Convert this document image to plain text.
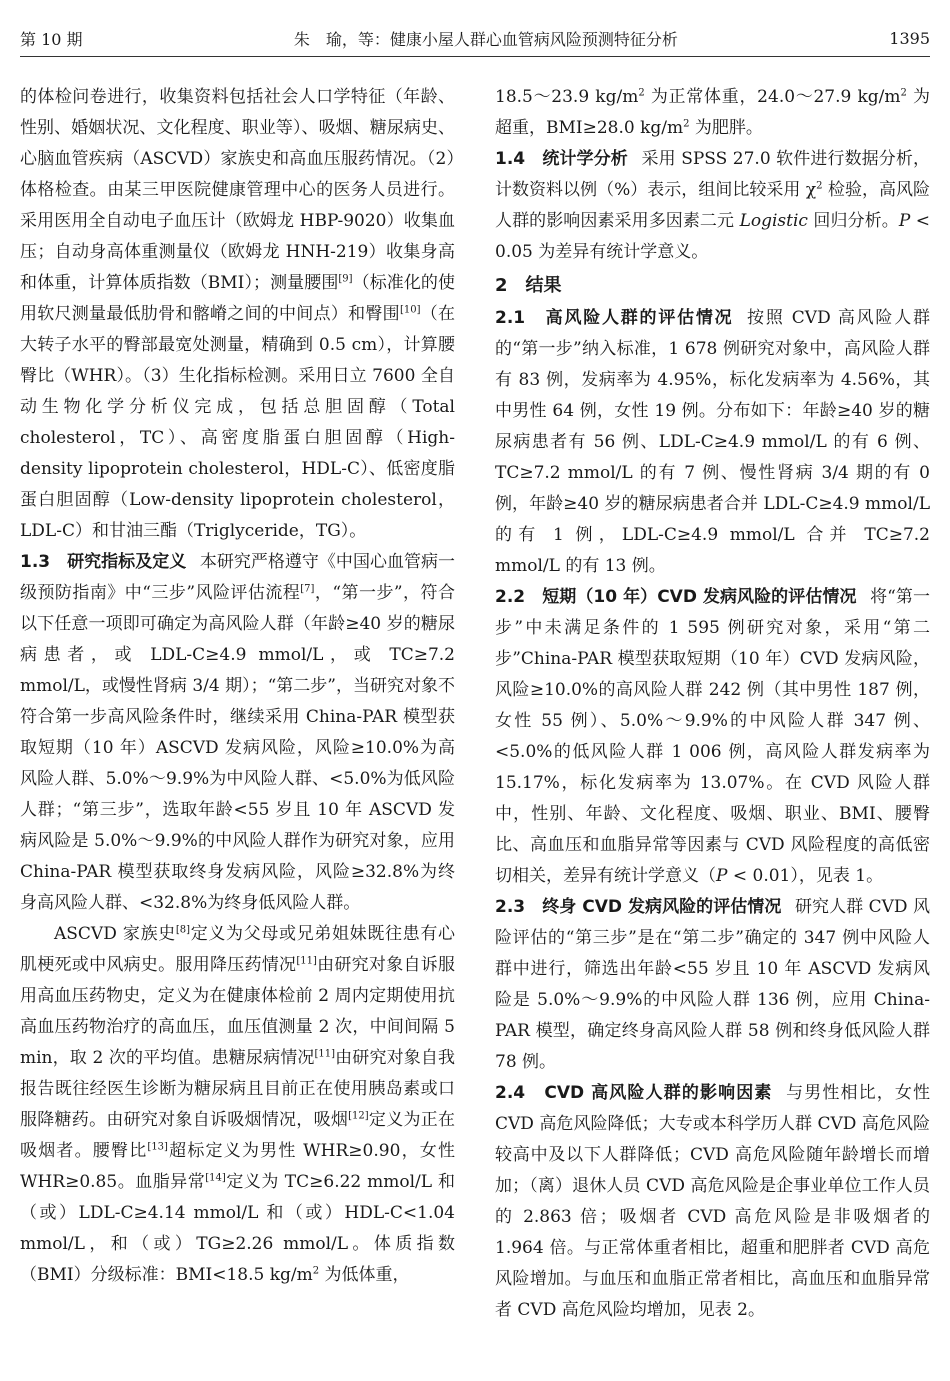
第 10 期	朱　瑜，等：健康小屋人群心血管病风险预测特征分析	1395

的体检问卷进行，收集资料包括社会人口学特征（年龄、性别、婚姻状况、文化程度、职业等）、吸烟、糖尿病史、心脑血管疾病（ASCVD）家族史和高血压服药情况。（2）体格检查。由某三甲医院健康管理中心的医务人员进行。采用医用全自动电子血压计（欧姆龙 HBP-9020）收集血压；自动身高体重测量仪（欧姆龙 HNH-219）收集身高和体重，计算体质指数（BMI）；测量腰围[9]（标准化的使用软尺测量最低肋骨和髂嵴之间的中间点）和臀围[10]（在大转子水平的臀部最宽处测量，精确到 0.5 cm），计算腰臀比（WHR）。（3）生化指标检测。采用日立 7600 全自动生物化学分析仪完成，包括总胆固醇（Total cholesterol，TC）、高密度脂蛋白胆固醇（High-density lipoprotein cholesterol，HDL-C）、低密度脂蛋白胆固醇（Low-density lipoprotein cholesterol，LDL-C）和甘油三酯（Triglyceride，TG）。

1.3　研究指标及定义 本研究严格遵守《中国心血管病一级预防指南》中“三步”风险评估流程[7]，“第一步”，符合以下任意一项即可确定为高风险人群（年龄≥40 岁的糖尿病患者，或 LDL-C≥4.9 mmol/L，或 TC≥7.2 mmol/L，或慢性肾病 3/4 期）；“第二步”，当研究对象不符合第一步高风险条件时，继续采用 China-PAR 模型获取短期（10 年）ASCVD 发病风险，风险≥10.0%为高风险人群、5.0%～9.9%为中风险人群、<5.0%为低风险人群；“第三步”，选取年龄<55 岁且 10 年 ASCVD 发病风险是 5.0%～9.9%的中风险人群作为研究对象，应用 China-PAR 模型获取终身发病风险，风险≥32.8%为终身高风险人群、<32.8%为终身低风险人群。

ASCVD 家族史[8]定义为父母或兄弟姐妹既往患有心肌梗死或中风病史。服用降压药情况[11]由研究对象自诉服用高血压药物史，定义为在健康体检前 2 周内定期使用抗高血压药物治疗的高血压，血压值测量 2 次，中间间隔 5 min，取 2 次的平均值。患糖尿病情况[11]由研究对象自我报告既往经医生诊断为糖尿病且目前正在使用胰岛素或口服降糖药。由研究对象自诉吸烟情况，吸烟[12]定义为正在吸烟者。腰臀比[13]超标定义为男性 WHR≥0.90，女性 WHR≥0.85。血脂异常[14]定义为 TC≥6.22 mmol/L 和（或）LDL-C≥4.14 mmol/L 和（或）HDL-C<1.04 mmol/L，和（或）TG≥2.26 mmol/L。体质指数（BMI）分级标准：BMI<18.5 $kg/m^2$ 为低体重，

18.5～23.9 $kg/m^2$ 为正常体重，24.0～27.9 $kg/m^2$ 为超重，BMI≥28.0 $kg/m^2$ 为肥胖。

1.4　统计学分析 采用 SPSS 27.0 软件进行数据分析，计数资料以例（%）表示，组间比较采用 $\chi^2$ 检验，高风险人群的影响因素采用多因素二元 Logistic 回归分析。P < 0.05 为差异有统计学意义。

2　结果

2.1　高风险人群的评估情况 按照 CVD 高风险人群的“第一步”纳入标准，1 678 例研究对象中，高风险人群有 83 例，发病率为 4.95%，标化发病率为 4.56%，其中男性 64 例，女性 19 例。分布如下：年龄≥40 岁的糖尿病患者有 56 例、LDL-C≥4.9 mmol/L 的有 6 例、TC≥7.2 mmol/L 的有 7 例、慢性肾病 3/4 期的有 0 例，年龄≥40 岁的糖尿病患者合并 LDL-C≥4.9 mmol/L 的有 1 例，LDL-C≥4.9 mmol/L 合并 TC≥7.2 mmol/L 的有 13 例。

2.2　短期（10 年）CVD 发病风险的评估情况 将“第一步”中未满足条件的 1 595 例研究对象，采用“第二步”China-PAR 模型获取短期（10 年）CVD 发病风险，风险≥10.0%的高风险人群 242 例（其中男性 187 例，女性 55 例）、5.0%～9.9%的中风险人群 347 例、<5.0%的低风险人群 1 006 例，高风险人群发病率为 15.17%，标化发病率为 13.07%。在 CVD 风险人群中，性别、年龄、文化程度、吸烟、职业、BMI、腰臀比、高血压和血脂异常等因素与 CVD 风险程度的高低密切相关，差异有统计学意义（P < 0.01），见表 1。

2.3　终身 CVD 发病风险的评估情况 研究人群 CVD 风险评估的“第三步”是在“第二步”确定的 347 例中风险人群中进行，筛选出年龄<55 岁且 10 年 ASCVD 发病风险是 5.0%～9.9%的中风险人群 136 例，应用 China-PAR 模型，确定终身高风险人群 58 例和终身低风险人群 78 例。

2.4　CVD 高风险人群的影响因素 与男性相比，女性 CVD 高危风险降低；大专或本科学历人群 CVD 高危风险较高中及以下人群降低；CVD 高危风险随年龄增长而增加；（离）退休人员 CVD 高危风险是企事业单位工作人员的 2.863 倍；吸烟者 CVD 高危风险是非吸烟者的 1.964 倍。与正常体重者相比，超重和肥胖者 CVD 高危风险增加。与血压和血脂正常者相比，高血压和血脂异常者 CVD 高危风险均增加，见表 2。
